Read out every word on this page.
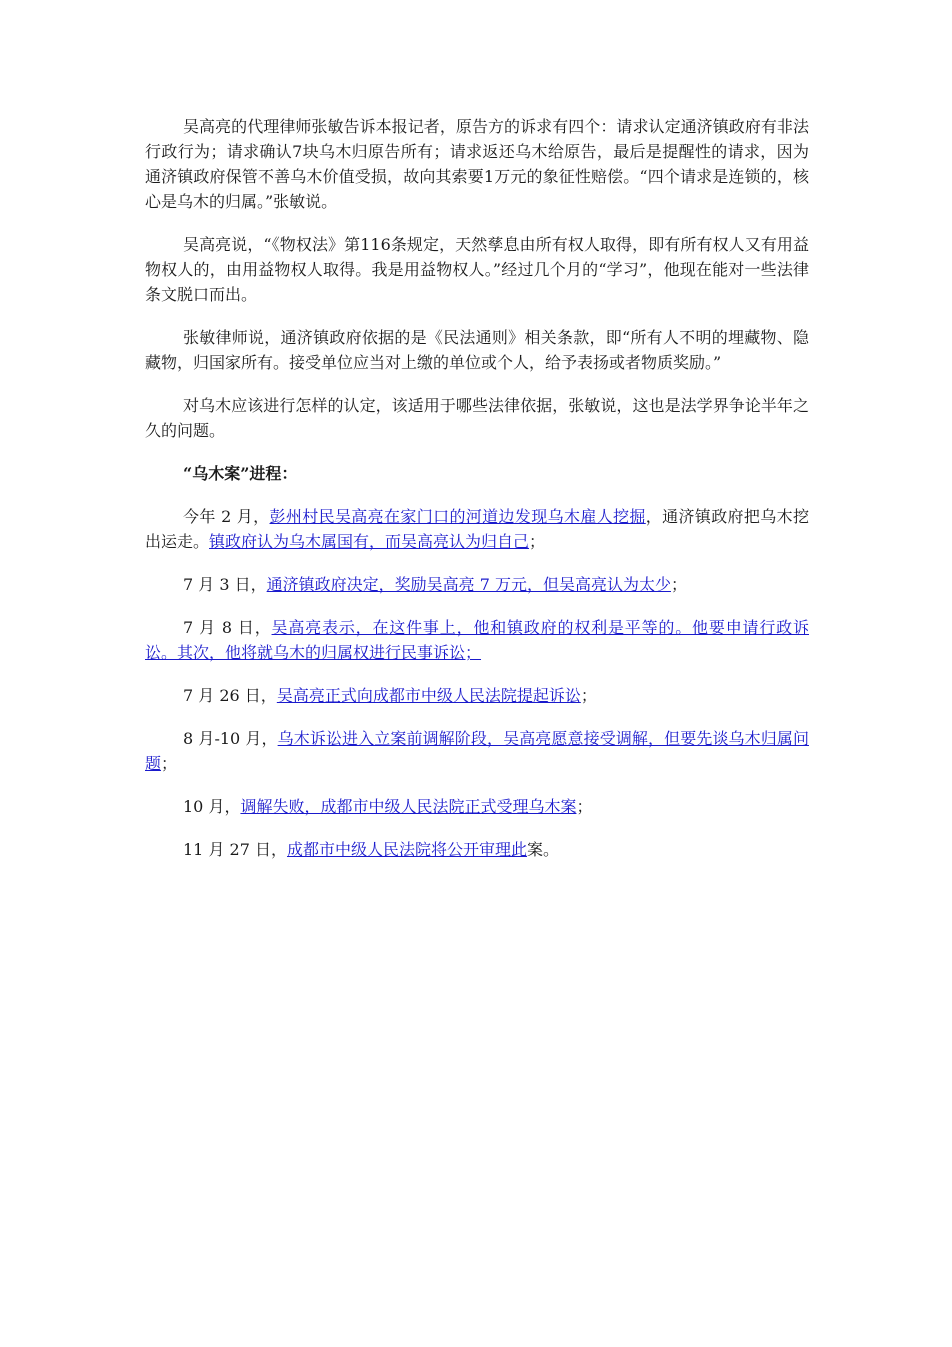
吴高亮的代理律师张敏告诉本报记者，原告方的诉求有四个：请求认定通济镇政府有非法行政行为；请求确认7块乌木归原告所有；请求返还乌木给原告，最后是提醒性的请求，因为通济镇政府保管不善乌木价值受损，故向其索要1万元的象征性赔偿。“四个请求是连锁的，核心是乌木的归属。”张敏说。

吴高亮说，“《物权法》第116条规定，天然孳息由所有权人取得，即有所有权人又有用益物权人的，由用益物权人取得。我是用益物权人。”经过几个月的“学习”，他现在能对一些法律条文脱口而出。

张敏律师说，通济镇政府依据的是《民法通则》相关条款，即“所有人不明的埋藏物、隐藏物，归国家所有。接受单位应当对上缴的单位或个人，给予表扬或者物质奖励。”

对乌木应该进行怎样的认定，该适用于哪些法律依据，张敏说，这也是法学界争论半年之久的问题。

“乌木案”进程：

今年 2 月，彭州村民吴高亮在家门口的河道边发现乌木雇人挖掘，通济镇政府把乌木挖出运走。镇政府认为乌木属国有，而吴高亮认为归自己；

7 月 3 日，通济镇政府决定，奖励吴高亮 7 万元，但吴高亮认为太少；

7 月 8 日，吴高亮表示，在这件事上，他和镇政府的权利是平等的。他要申请行政诉讼。其次，他将就乌木的归属权进行民事诉讼；

7 月 26 日，吴高亮正式向成都市中级人民法院提起诉讼；

8 月-10 月，乌木诉讼进入立案前调解阶段，吴高亮愿意接受调解，但要先谈乌木归属问题；

10 月，调解失败，成都市中级人民法院正式受理乌木案；

11 月 27 日，成都市中级人民法院将公开审理此案。
